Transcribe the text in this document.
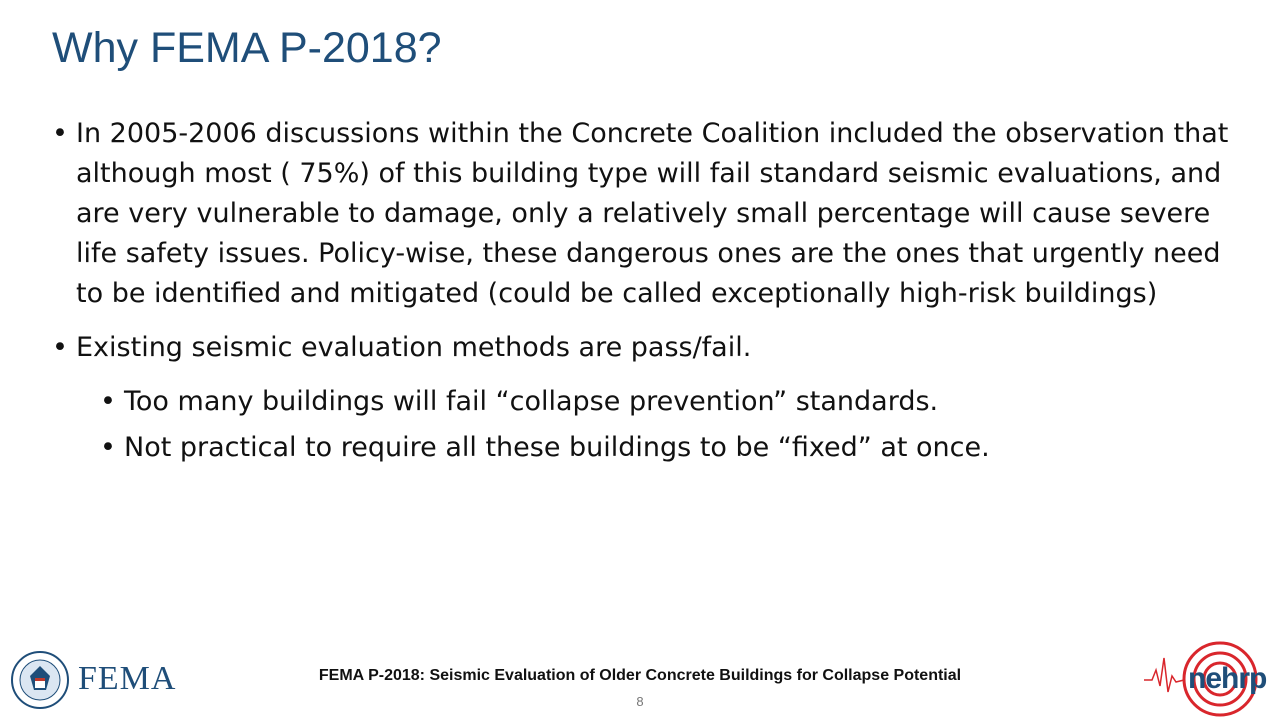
Why FEMA P-2018?

• In 2005-2006 discussions within the Concrete Coalition included the observation that although most ( 75%) of this building type will fail standard seismic evaluations, and are very vulnerable to damage, only a relatively small percentage will cause severe life safety issues. Policy-wise, these dangerous ones are the ones that urgently need to be identified and mitigated (could be called exceptionally high-risk buildings)

• Existing seismic evaluation methods are pass/fail.

• Too many buildings will fail “collapse prevention” standards.

• Not practical to require all these buildings to be “fixed” at once.

FEMA	FEMA P-2018: Seismic Evaluation of Older Concrete Buildings for Collapse Potential
8
nehrp
